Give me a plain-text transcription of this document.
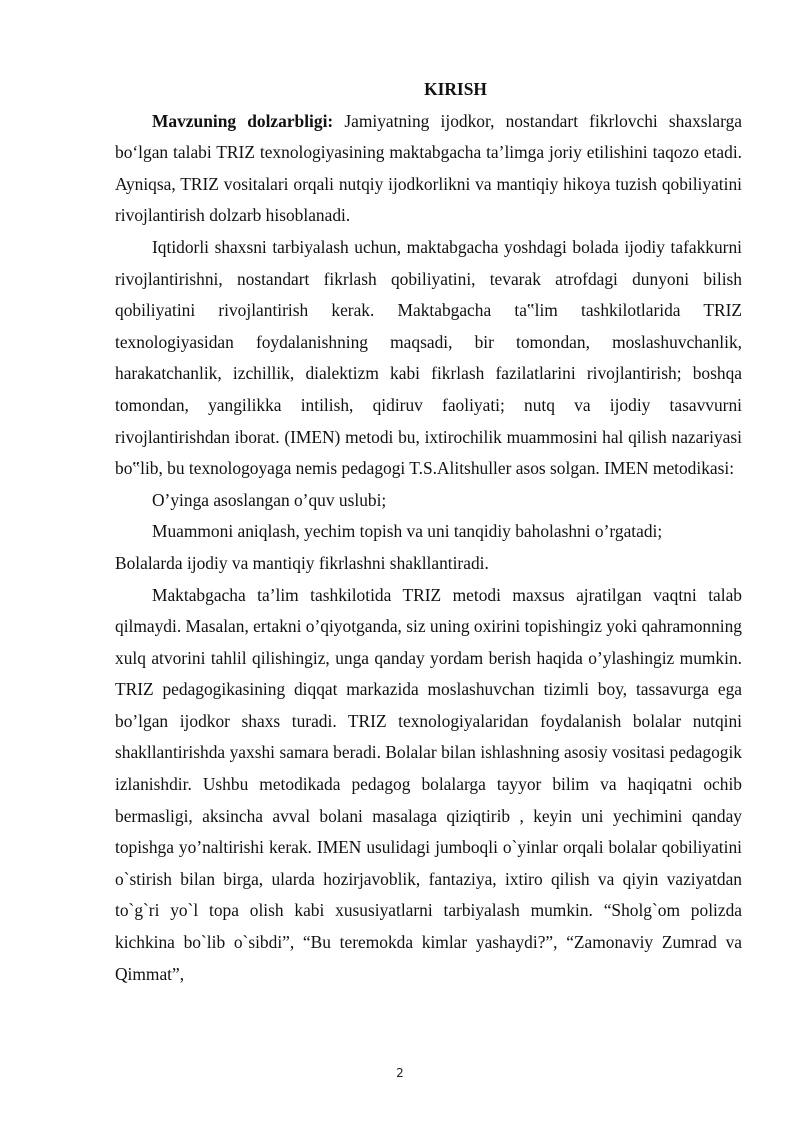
KIRISH

Mavzuning dolzarbligi: Jamiyatning ijodkor, nostandart fikrlovchi shaxslarga bo‘lgan talabi TRIZ texnologiyasining maktabgacha ta’limga joriy etilishini taqozo etadi. Ayniqsa, TRIZ vositalari orqali nutqiy ijodkorlikni va mantiqiy hikoya tuzish qobiliyatini rivojlantirish dolzarb hisoblanadi.

Iqtidorli shaxsni tarbiyalash uchun, maktabgacha yoshdagi bolada ijodiy tafakkurni rivojlantirishni, nostandart fikrlash qobiliyatini, tevarak atrofdagi dunyoni bilish qobiliyatini rivojlantirish kerak. Maktabgacha ta‟lim tashkilotlarida TRIZ texnologiyasidan foydalanishning maqsadi, bir tomondan, moslashuvchanlik, harakatchanlik, izchillik, dialektizm kabi fikrlash fazilatlarini rivojlantirish; boshqa tomondan, yangilikka intilish, qidiruv faoliyati; nutq va ijodiy tasavvurni rivojlantirishdan iborat. (IMEN) metodi bu, ixtirochilik muammosini hal qilish nazariyasi bo‟lib, bu texnologoyaga nemis pedagogi T.S.Alitshuller asos solgan. IMEN metodikasi:

O’yinga asoslangan o’quv uslubi;

Muammoni aniqlash, yechim topish va uni tanqidiy baholashni o’rgatadi;

Bolalarda ijodiy va mantiqiy fikrlashni shakllantiradi.

Maktabgacha ta’lim tashkilotida TRIZ metodi maxsus ajratilgan vaqtni talab qilmaydi. Masalan, ertakni o’qiyotganda, siz uning oxirini topishingiz yoki qahramonning xulq atvorini tahlil qilishingiz, unga qanday yordam berish haqida o’ylashingiz mumkin. TRIZ pedagogikasining diqqat markazida moslashuvchan tizimli boy, tassavurga ega bo’lgan ijodkor shaxs turadi. TRIZ texnologiyalaridan foydalanish bolalar nutqini shakllantirishda yaxshi samara beradi. Bolalar bilan ishlashning asosiy vositasi pedagogik izlanishdir. Ushbu metodikada pedagog bolalarga tayyor bilim va haqiqatni ochib bermasligi, aksincha avval bolani masalaga qiziqtirib , keyin uni yechimini qanday topishga yo’naltirishi kerak. IMEN usulidagi jumboqli o`yinlar orqali bolalar qobiliyatini o`stirish bilan birga, ularda hozirjavoblik, fantaziya, ixtiro qilish va qiyin vaziyatdan to`g`ri yo`l topa olish kabi xususiyatlarni tarbiyalash mumkin. “Sholg`om polizda kichkina bo`lib o`sibdi”, “Bu teremokda kimlar yashaydi?”, “Zamonaviy Zumrad va Qimmat”,

2
